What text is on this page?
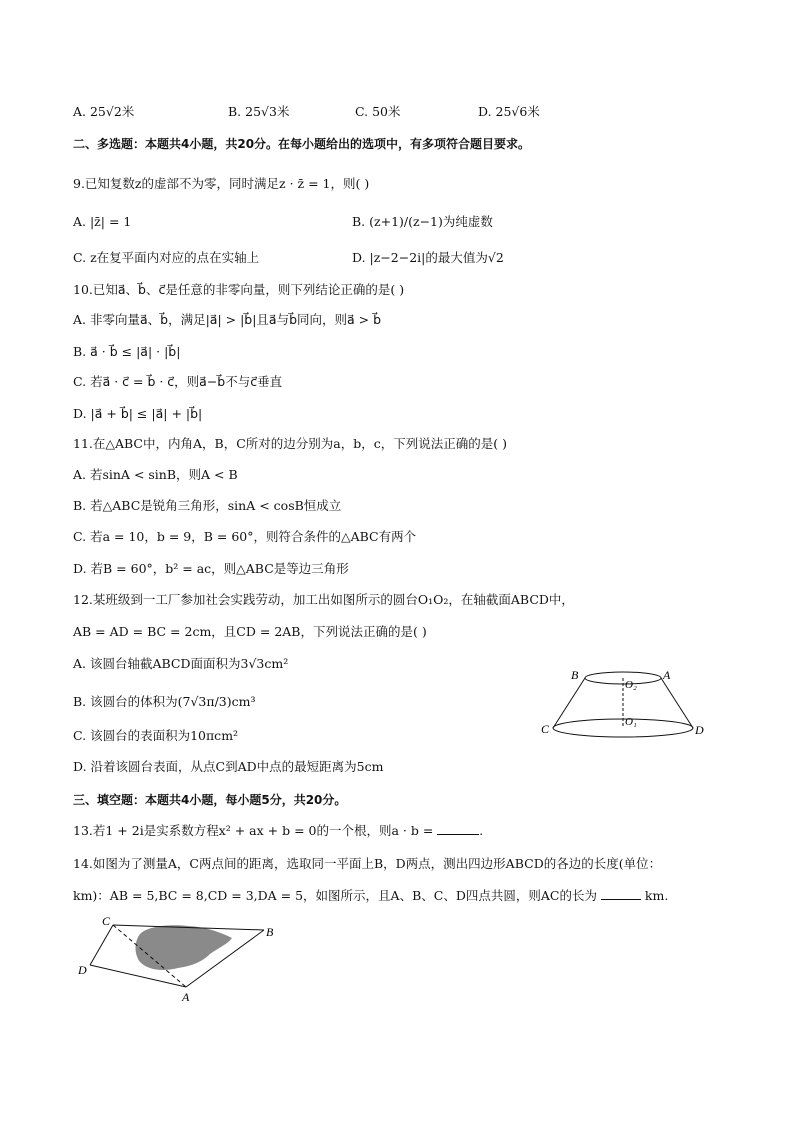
A. 25√2米	B. 25√3米	C. 50米	D. 25√6米
二、多选题：本题共4小题，共20分。在每小题给出的选项中，有多项符合题目要求。
9.已知复数z的虚部不为零，同时满足z · z̄ = 1，则( )
A. |z̄| = 1	B. (z+1)/(z−1)为纯虚数
C. z在复平面内对应的点在实轴上	D. |z−2−2i|的最大值为√2
10.已知a⃗、b⃗、c⃗是任意的非零向量，则下列结论正确的是( )
A. 非零向量a⃗、b⃗，满足|a⃗| > |b⃗|且a⃗与b⃗同向，则a⃗ > b⃗
B. a⃗ · b⃗ ≤ |a⃗| · |b⃗|
C. 若a⃗ · c⃗ = b⃗ · c⃗，则a⃗−b⃗不与c⃗垂直
D. |a⃗ + b⃗| ≤ |a⃗| + |b⃗|
11.在△ABC中，内角A，B，C所对的边分别为a，b，c，下列说法正确的是( )
A. 若sinA < sinB，则A < B
B. 若△ABC是锐角三角形，sinA < cosB恒成立
C. 若a = 10，b = 9，B = 60°，则符合条件的△ABC有两个
D. 若B = 60°，b² = ac，则△ABC是等边三角形
12.某班级到一工厂参加社会实践劳动，加工出如图所示的圆台O₁O₂，在轴截面ABCD中，
AB = AD = BC = 2cm，且CD = 2AB，下列说法正确的是( )
A. 该圆台轴截ABCD面面积为3√3cm²
B. 该圆台的体积为(7√3π/3)cm³
C. 该圆台的表面积为10πcm²
D. 沿着该圆台表面，从点C到AD中点的最短距离为5cm
B	A
O₂
O₁
C	D
三、填空题：本题共4小题，每小题5分，共20分。
13.若1 + 2i是实系数方程x² + ax + b = 0的一个根，则a · b =	.
14.如图为了测量A，C两点间的距离，选取同一平面上B，D两点，测出四边形ABCD的各边的长度(单位：
km)：AB = 5,BC = 8,CD = 3,DA = 5，如图所示，且A、B、C、D四点共圆，则AC的长为	km.
C
B
D
A
